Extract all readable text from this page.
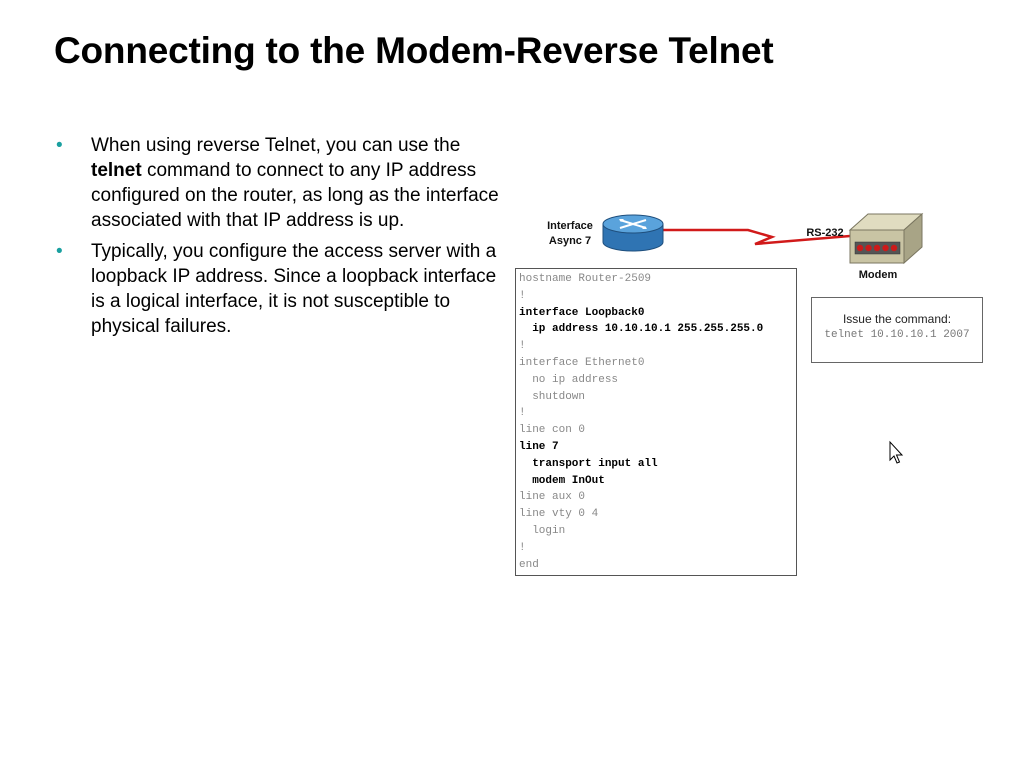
Connecting to the Modem-Reverse Telnet
• When using reverse Telnet, you can use the telnet command to connect to any IP address configured on the router, as long as the interface associated with that IP address is up.
• Typically, you configure the access server with a loopback IP address. Since a loopback interface is a logical interface, it is not susceptible to physical failures.
Interface
Async 7
RS-232
Modem
hostname Router-2509
!
interface Loopback0
ip address 10.10.10.1 255.255.255.0
!
interface Ethernet0
no ip address
shutdown
!
line con 0
line 7
transport input all
modem InOut
line aux 0
line vty 0 4
login
!
end
Issue the command:
telnet 10.10.10.1 2007
